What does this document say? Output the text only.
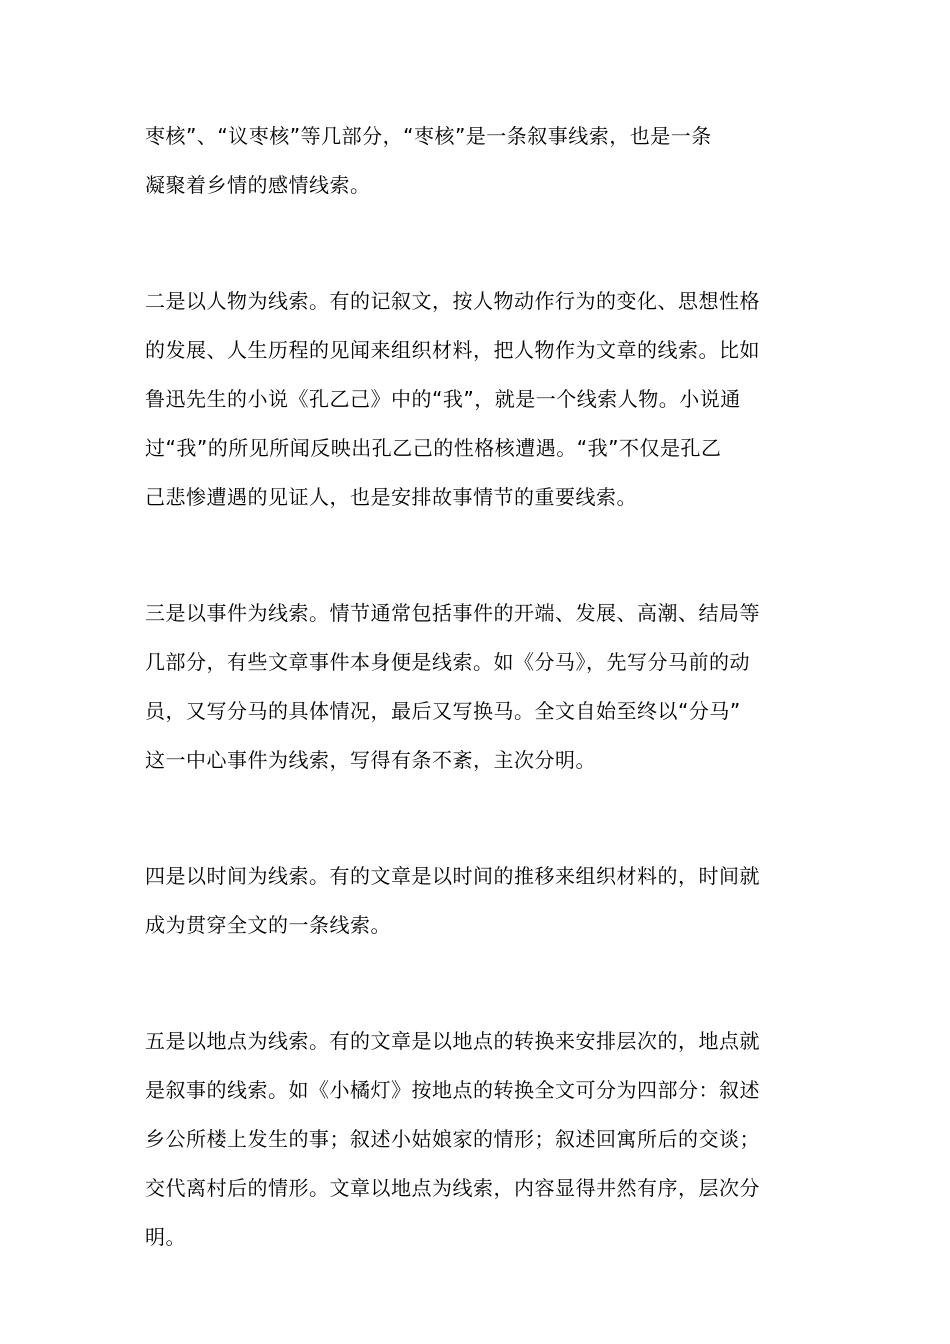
枣核”、“议枣核”等几部分，“枣核”是一条叙事线索，也是一条
凝聚着乡情的感情线索。

二是以人物为线索。有的记叙文，按人物动作行为的变化、思想性格
的发展、人生历程的见闻来组织材料，把人物作为文章的线索。比如
鲁迅先生的小说《孔乙己》中的“我”，就是一个线索人物。小说通
过“我”的所见所闻反映出孔乙己的性格核遭遇。“我”不仅是孔乙
己悲惨遭遇的见证人，也是安排故事情节的重要线索。

三是以事件为线索。情节通常包括事件的开端、发展、高潮、结局等
几部分，有些文章事件本身便是线索。如《分马》，先写分马前的动
员，又写分马的具体情况，最后又写换马。全文自始至终以“分马”
这一中心事件为线索，写得有条不紊，主次分明。

四是以时间为线索。有的文章是以时间的推移来组织材料的，时间就
成为贯穿全文的一条线索。

五是以地点为线索。有的文章是以地点的转换来安排层次的，地点就
是叙事的线索。如《小橘灯》按地点的转换全文可分为四部分：叙述
乡公所楼上发生的事；叙述小姑娘家的情形；叙述回寓所后的交谈；
交代离村后的情形。文章以地点为线索，内容显得井然有序，层次分
明。
